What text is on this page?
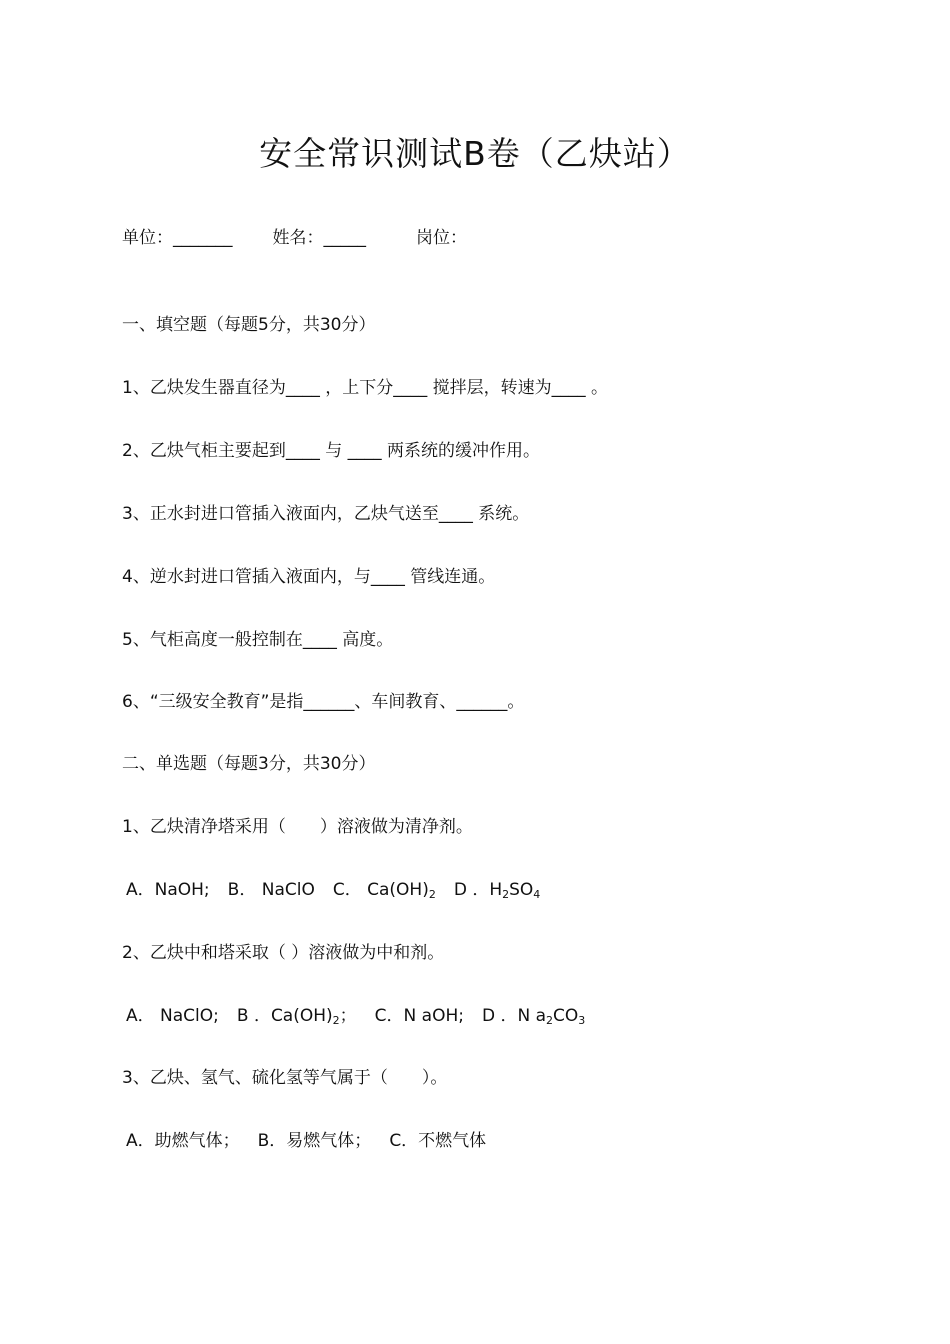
安全常识测试B卷（乙炔站）
单位：_______ 姓名：_____	岗位：
一、填空题（每题5分，共30分）
1、乙炔发生器直径为____ ，上下分____ 搅拌层，转速为____ 。
2、乙炔气柜主要起到____ 与 ____ 两系统的缓冲作用。
3、正水封进口管插入液面内，乙炔气送至____ 系统。
4、逆水封进口管插入液面内，与____ 管线连通。
5、气柜高度一般控制在____ 高度。
6、“三级安全教育”是指______、车间教育、______。
二、单选题（每题3分，共30分）
1、乙炔清净塔采用（　　）溶液做为清净剂。
A．NaOH; B． NaClO C． $Ca(OH)_2$ D ．$H_2SO_4$
2、乙炔中和塔采取（ ）溶液做为中和剂。
A． NaClO; B ．$Ca(OH)_2$； C．N aOH; D ．N $a_2CO_3$
3、乙炔、氢气、硫化氢等气属于（　　）。
A．助燃气体； B．易燃气体； C．不燃气体
